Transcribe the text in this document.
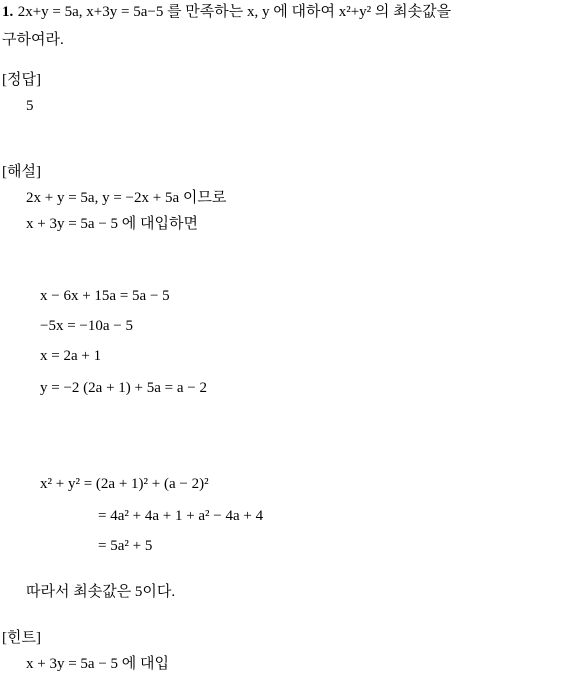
1. 2x+y = 5a, x+3y = 5a−5 를 만족하는 x, y 에 대하여 x²+y² 의 최솟값을
구하여라.
[정답]
5
[해설]
2x + y = 5a, y = −2x + 5a 이므로
x + 3y = 5a − 5 에 대입하면
x − 6x + 15a = 5a − 5
−5x = −10a − 5
x = 2a + 1
y = −2 (2a + 1) + 5a = a − 2
x² + y² = (2a + 1)² + (a − 2)²
= 4a² + 4a + 1 + a² − 4a + 4
= 5a² + 5
따라서 최솟값은 5이다.
[힌트]
x + 3y = 5a − 5 에 대입
